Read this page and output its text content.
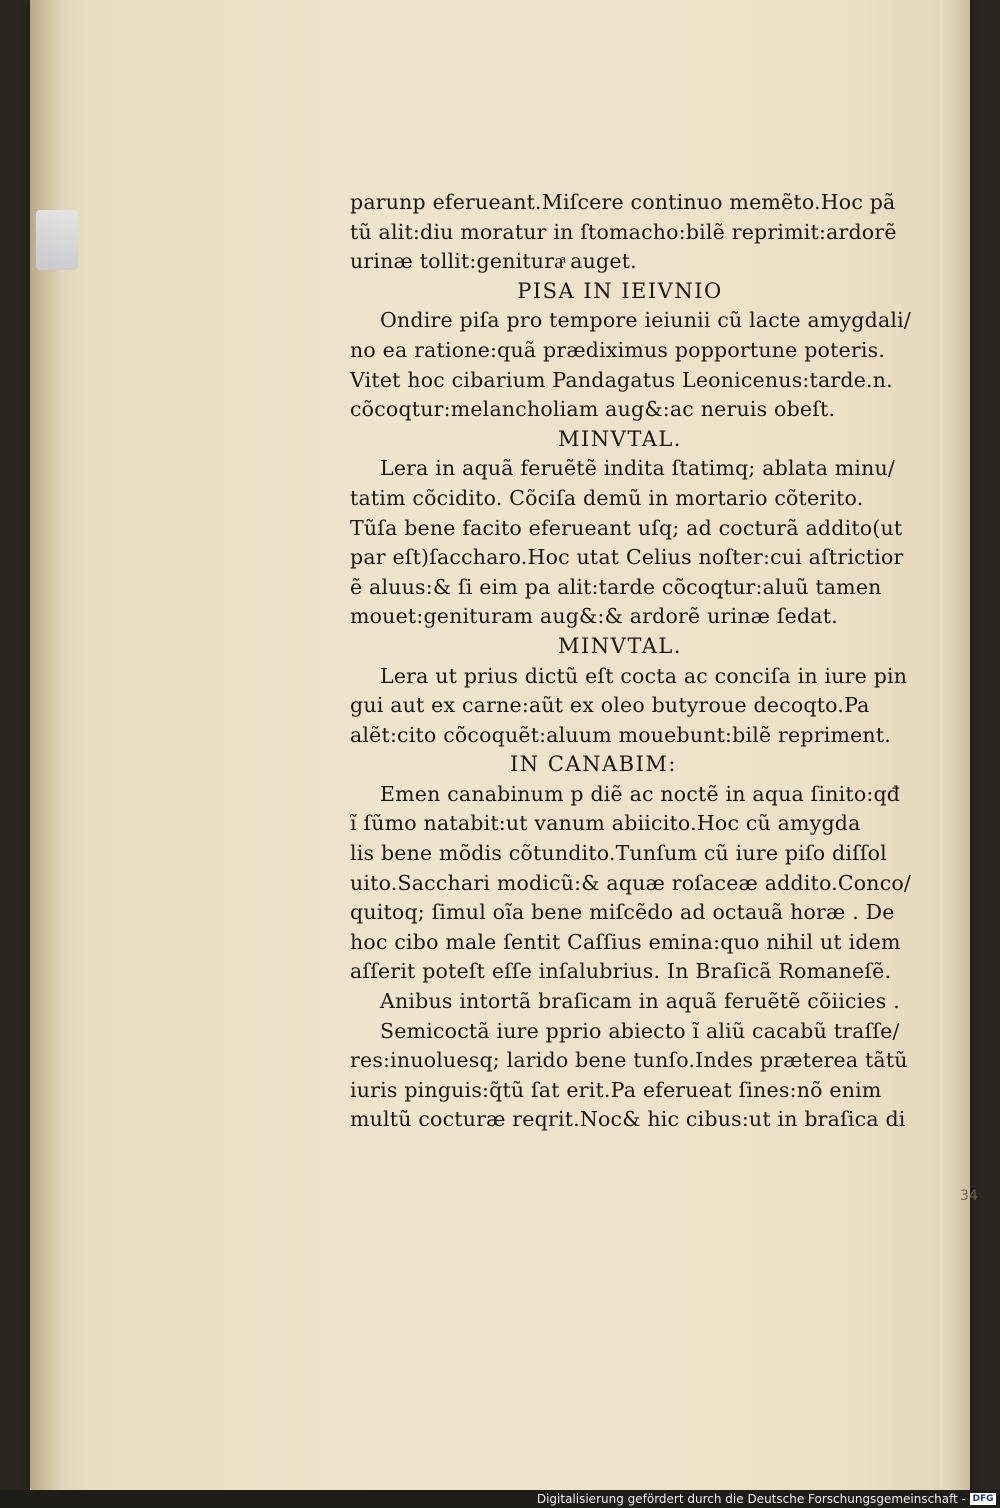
parunp eferueant.Miſcere continuo memẽto.Hoc pã
tũ alit:diu moratur in ſtomacho:bilẽ reprimit:ardorẽ
urinæ tollit:genituraͣ auget.
PISA IN IEIVNIO
Ondire piſa pro tempore ieiunii cũ lacte amygdali/
no ea ratione:quã prædiximus popportune poteris.
Vitet hoc cibarium Pandagatus Leonicenus:tarde.n.
cõcoqtur:melancholiam aug&:ac neruis obeſt.
MINVTAL.
Lera in aquã feruẽtẽ indita ſtatimq; ablata minu/
tatim cõcidito. Cõciſa demũ in mortario cõterito.
Tũſa bene facito eferueant uſq; ad cocturã addito(ut
par eſt)ſaccharo.Hoc utat Celius noſter:cui aſtrictior
ẽ aluus:& ſi eim pa alit:tarde cõcoqtur:aluũ tamen
mouet:genituram aug&:& ardorẽ urinæ ſedat.
MINVTAL.
Lera ut prius dictũ eſt cocta ac conciſa in iure pin
gui aut ex carne:aũt ex oleo butyroue decoqto.Pa
alẽt:cito cõcoquẽt:aluum mouebunt:bilẽ repriment.
IN CANABIM:
Emen canabinum p diẽ ac noctẽ in aqua ſinito:qđ
ĩ ſũmo natabit:ut vanum abiicito.Hoc cũ amygda
lis bene mõdis cõtundito.Tunſum cũ iure piſo diſſol
uito.Sacchari modicũ:& aquæ roſaceæ addito.Conco/
quitoq; ſimul oĩa bene miſcẽdo ad octauã horæ . De
hoc cibo male ſentit Caſſius emina:quo nihil ut idem
aſſerit poteſt eſſe inſalubrius. In Braſicã Romaneſẽ.
Anibus intortã braſicam in aquã feruẽtẽ cõiicies .
Semicoctã iure pprio abiecto ĩ aliũ cacabũ traſſe/
res:inuoluesq; larido bene tunſo.Indes præterea tãtũ
iuris pinguis:q̃tũ ſat erit.Pa eferueat ſines:nõ enim
multũ cocturæ reqrit.Noc& hic cibus:ut in braſica di
34
Digitalisierung gefördert durch die Deutsche Forschungsgemeinschaft - DFG
